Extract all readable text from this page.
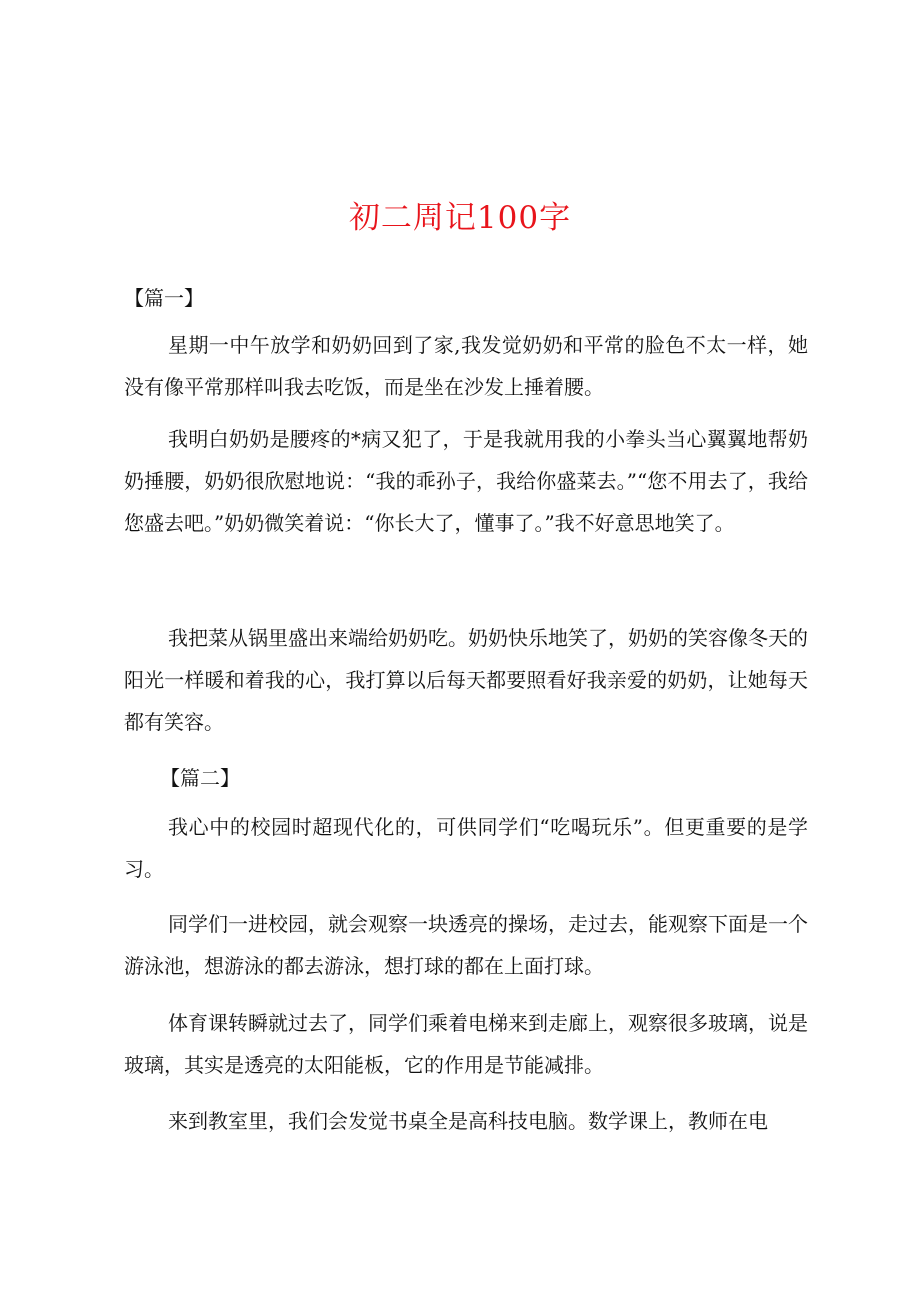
初二周记100字
【篇一】

星期一中午放学和奶奶回到了家,我发觉奶奶和平常的脸色不太一样，她没有像平常那样叫我去吃饭，而是坐在沙发上捶着腰。

我明白奶奶是腰疼的*病又犯了，于是我就用我的小拳头当心翼翼地帮奶奶捶腰，奶奶很欣慰地说：“我的乖孙子，我给你盛菜去。”“您不用去了，我给您盛去吧。”奶奶微笑着说：“你长大了，懂事了。”我不好意思地笑了。

我把菜从锅里盛出来端给奶奶吃。奶奶快乐地笑了，奶奶的笑容像冬天的阳光一样暖和着我的心，我打算以后每天都要照看好我亲爱的奶奶，让她每天都有笑容。

【篇二】

我心中的校园时超现代化的，可供同学们“吃喝玩乐”。但更重要的是学习。

同学们一进校园，就会观察一块透亮的操场，走过去，能观察下面是一个游泳池，想游泳的都去游泳，想打球的都在上面打球。

体育课转瞬就过去了，同学们乘着电梯来到走廊上，观察很多玻璃，说是玻璃，其实是透亮的太阳能板，它的作用是节能减排。

来到教室里，我们会发觉书桌全是高科技电脑。数学课上，教师在电
